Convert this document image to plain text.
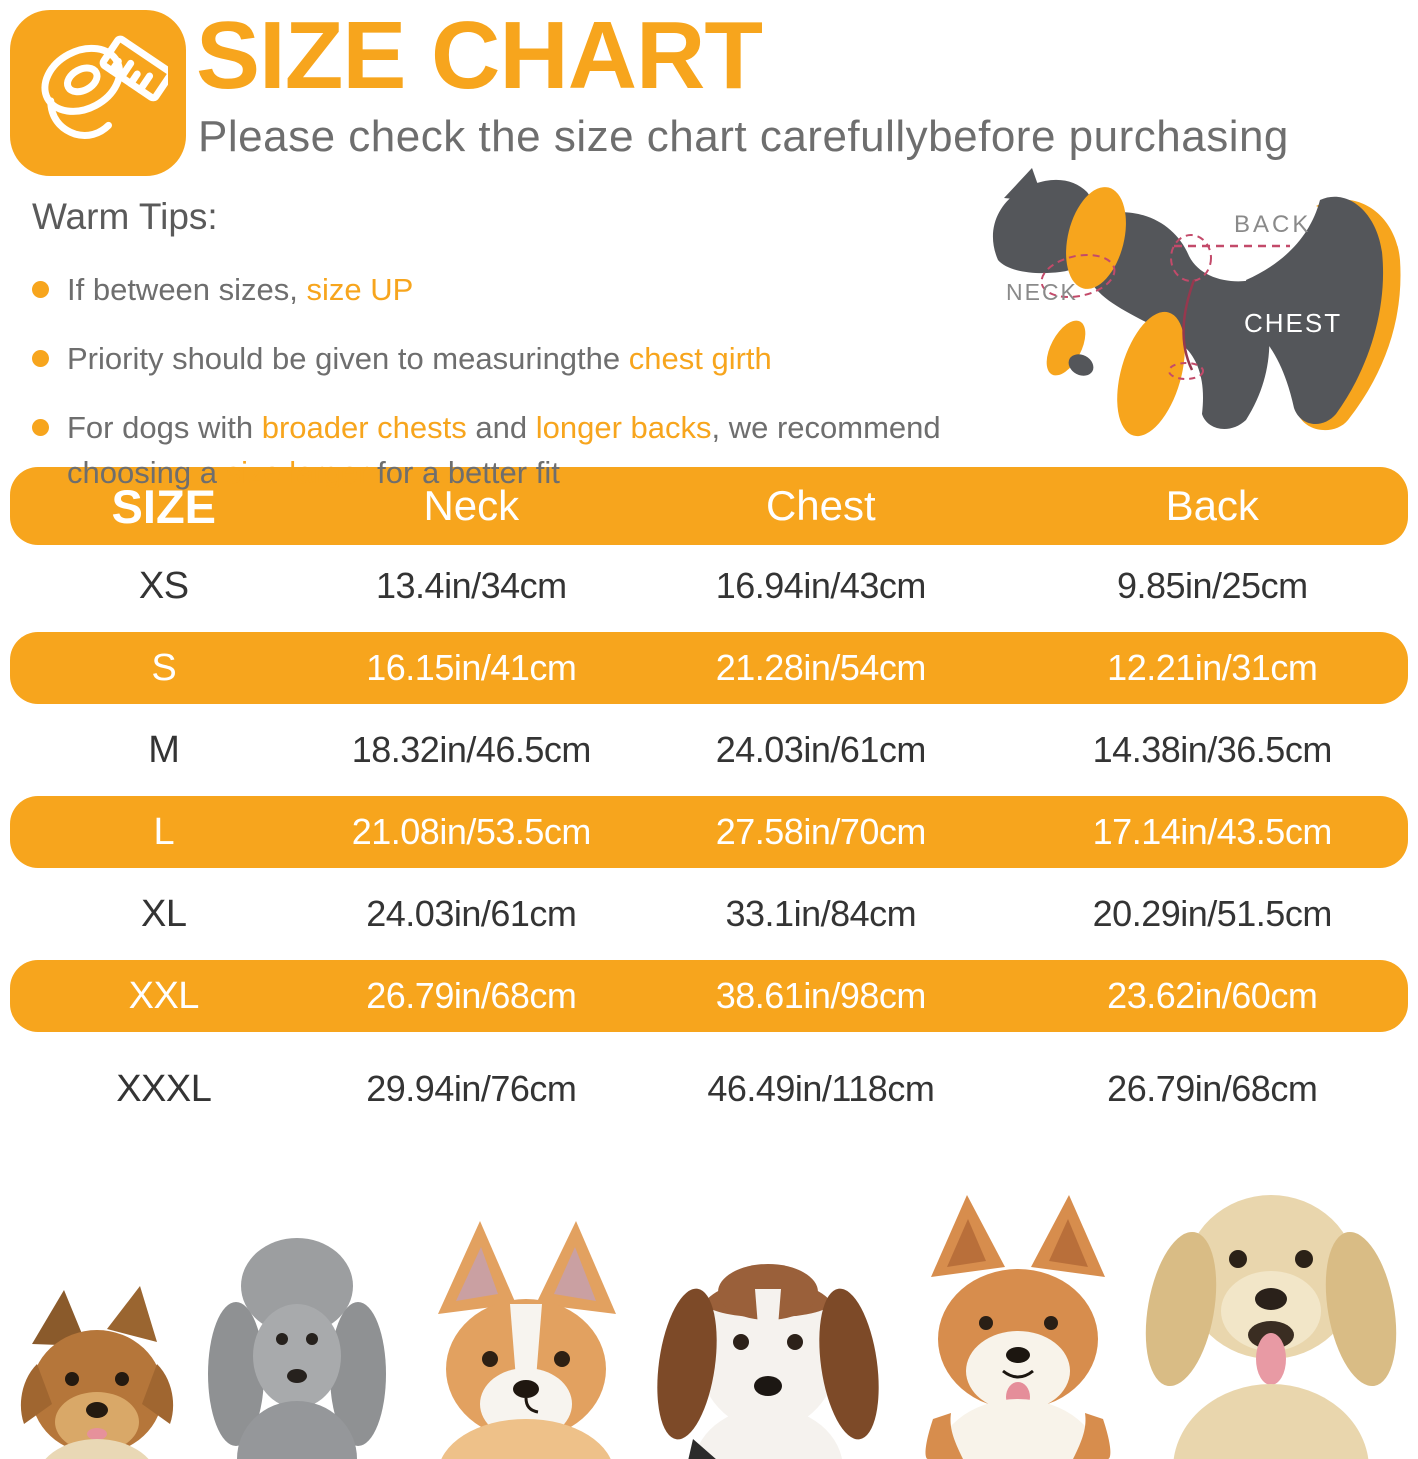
SIZE CHART
Please check the size chart carefullybefore purchasing
Warm Tips:
If between sizes, size UP
Priority should be given to measuringthe chest girth
For dogs with broader chests and longer backs, we recommend choosing a size larger for a better fit
BACK
NECK
CHEST
SIZE	Neck	Chest	Back
XS	13.4in/34cm	16.94in/43cm	9.85in/25cm
S	16.15in/41cm	21.28in/54cm	12.21in/31cm
M	18.32in/46.5cm	24.03in/61cm	14.38in/36.5cm
L	21.08in/53.5cm	27.58in/70cm	17.14in/43.5cm
XL	24.03in/61cm	33.1in/84cm	20.29in/51.5cm
XXL	26.79in/68cm	38.61in/98cm	23.62in/60cm
XXXL	29.94in/76cm	46.49in/118cm	26.79in/68cm
